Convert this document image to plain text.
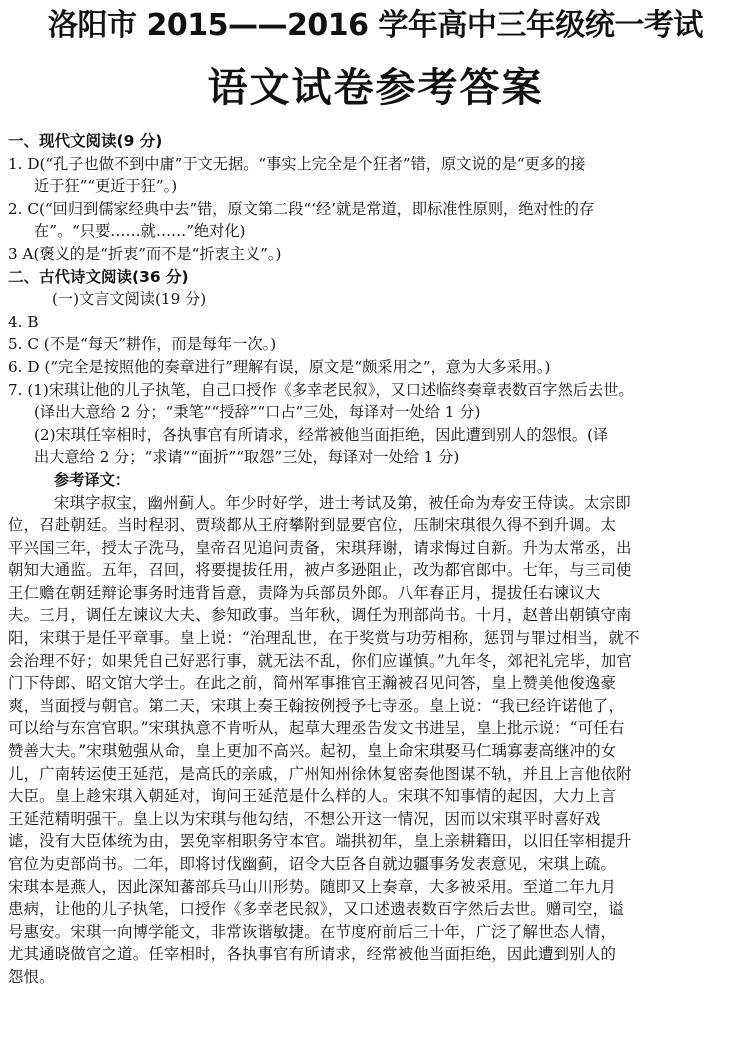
洛阳市 2015——2016 学年高中三年级统一考试
语文试卷参考答案
一、现代文阅读(9 分)
1. D(“孔子也做不到中庸”于文无据。“事实上完全是个狂者”错，原文说的是“更多的接
近于狂”“更近于狂”。)
2. C(“回归到儒家经典中去”错，原文第二段“‘经’就是常道，即标准性原则，绝对性的存
在”。“只要……就……”绝对化)
3 A(褒义的是“折衷”而不是“折衷主义”。)
二、古代诗文阅读(36 分)
(一)文言文阅读(19 分)
4. B
5. C (不是“每天”耕作，而是每年一次。)
6. D (“完全是按照他的奏章进行”理解有误，原文是“颇采用之”，意为大多采用。)
7. (1)宋琪让他的儿子执笔，自己口授作《多幸老民叙》，又口述临终奏章表数百字然后去世。
(译出大意给 2 分；“秉笔”“授辞”“口占”三处，每译对一处给 1 分)
(2)宋琪任宰相时，各执事官有所请求，经常被他当面拒绝，因此遭到别人的怨恨。(译
出大意给 2 分；“求请”“面折”“取怨”三处，每译对一处给 1 分)
参考译文：
宋琪字叔宝，幽州蓟人。年少时好学，进士考试及第，被任命为寿安王侍读。太宗即
位，召赴朝廷。当时程羽、贾琰都从王府攀附到显要官位，压制宋琪很久得不到升调。太
平兴国三年，授太子洗马，皇帝召见追问责备，宋琪拜谢，请求悔过自新。升为太常丞，出
朝知大通监。五年，召回，将要提拔任用，被卢多逊阻止，改为都官郎中。七年，与三司使
王仁赡在朝廷辩论事务时违背旨意，责降为兵部员外郎。八年春正月，提拔任右谏议大
夫。三月，调任左谏议大夫、参知政事。当年秋，调任为刑部尚书。十月，赵普出朝镇守南
阳，宋琪于是任平章事。皇上说：“治理乱世，在于奖赏与功劳相称，惩罚与罪过相当，就不
会治理不好；如果凭自己好恶行事，就无法不乱，你们应谨慎。”九年冬，郊祀礼完毕，加官
门下侍郎、昭文馆大学士。在此之前，简州军事推官王瀚被召见问答，皇上赞美他俊逸豪
爽，当面授与朝官。第二天，宋琪上奏王翰按例授予七寺丞。皇上说：“我已经许诺他了，
可以给与东宫官职。”宋琪执意不肯听从，起草大理丞告发文书进呈，皇上批示说：“可任右
赞善大夫。”宋琪勉强从命，皇上更加不高兴。起初，皇上命宋琪娶马仁瑀寡妻高继冲的女
儿，广南转运使王延范，是高氏的亲戚，广州知州徐休复密奏他图谋不轨，并且上言他依附
大臣。皇上趁宋琪入朝延对，询问王延范是什么样的人。宋琪不知事情的起因，大力上言
王延范精明强干。皇上以为宋琪与他勾结，不想公开这一情况，因而以宋琪平时喜好戏
谑，没有大臣体统为由，罢免宰相职务守本官。端拱初年，皇上亲耕籍田，以旧任宰相提升
官位为吏部尚书。二年，即将讨伐幽蓟，诏令大臣各自就边疆事务发表意见，宋琪上疏。
宋琪本是燕人，因此深知蕃部兵马山川形势。随即又上奏章，大多被采用。至道二年九月
患病，让他的儿子执笔，口授作《多幸老民叙》，又口述遗表数百字然后去世。赠司空，谥
号惠安。宋琪一向博学能文，非常诙谐敏捷。在节度府前后三十年，广泛了解世态人情，
尤其通晓做官之道。任宰相时，各执事官有所请求，经常被他当面拒绝，因此遭到别人的
怨恨。
